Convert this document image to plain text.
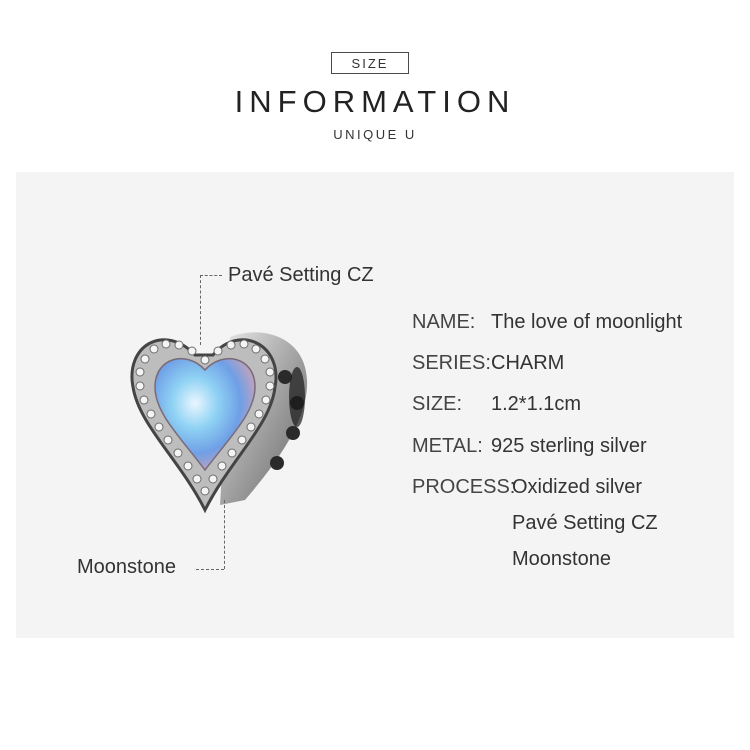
SIZE
INFORMATION
UNIQUE U
Pavé Setting CZ
Moonstone
NAME: The love of moonlight
SERIES: CHARM
SIZE: 1.2*1.1cm
METAL: 925 sterling silver
PROCESS:
Oxidized silver
Pavé Setting CZ
Moonstone
